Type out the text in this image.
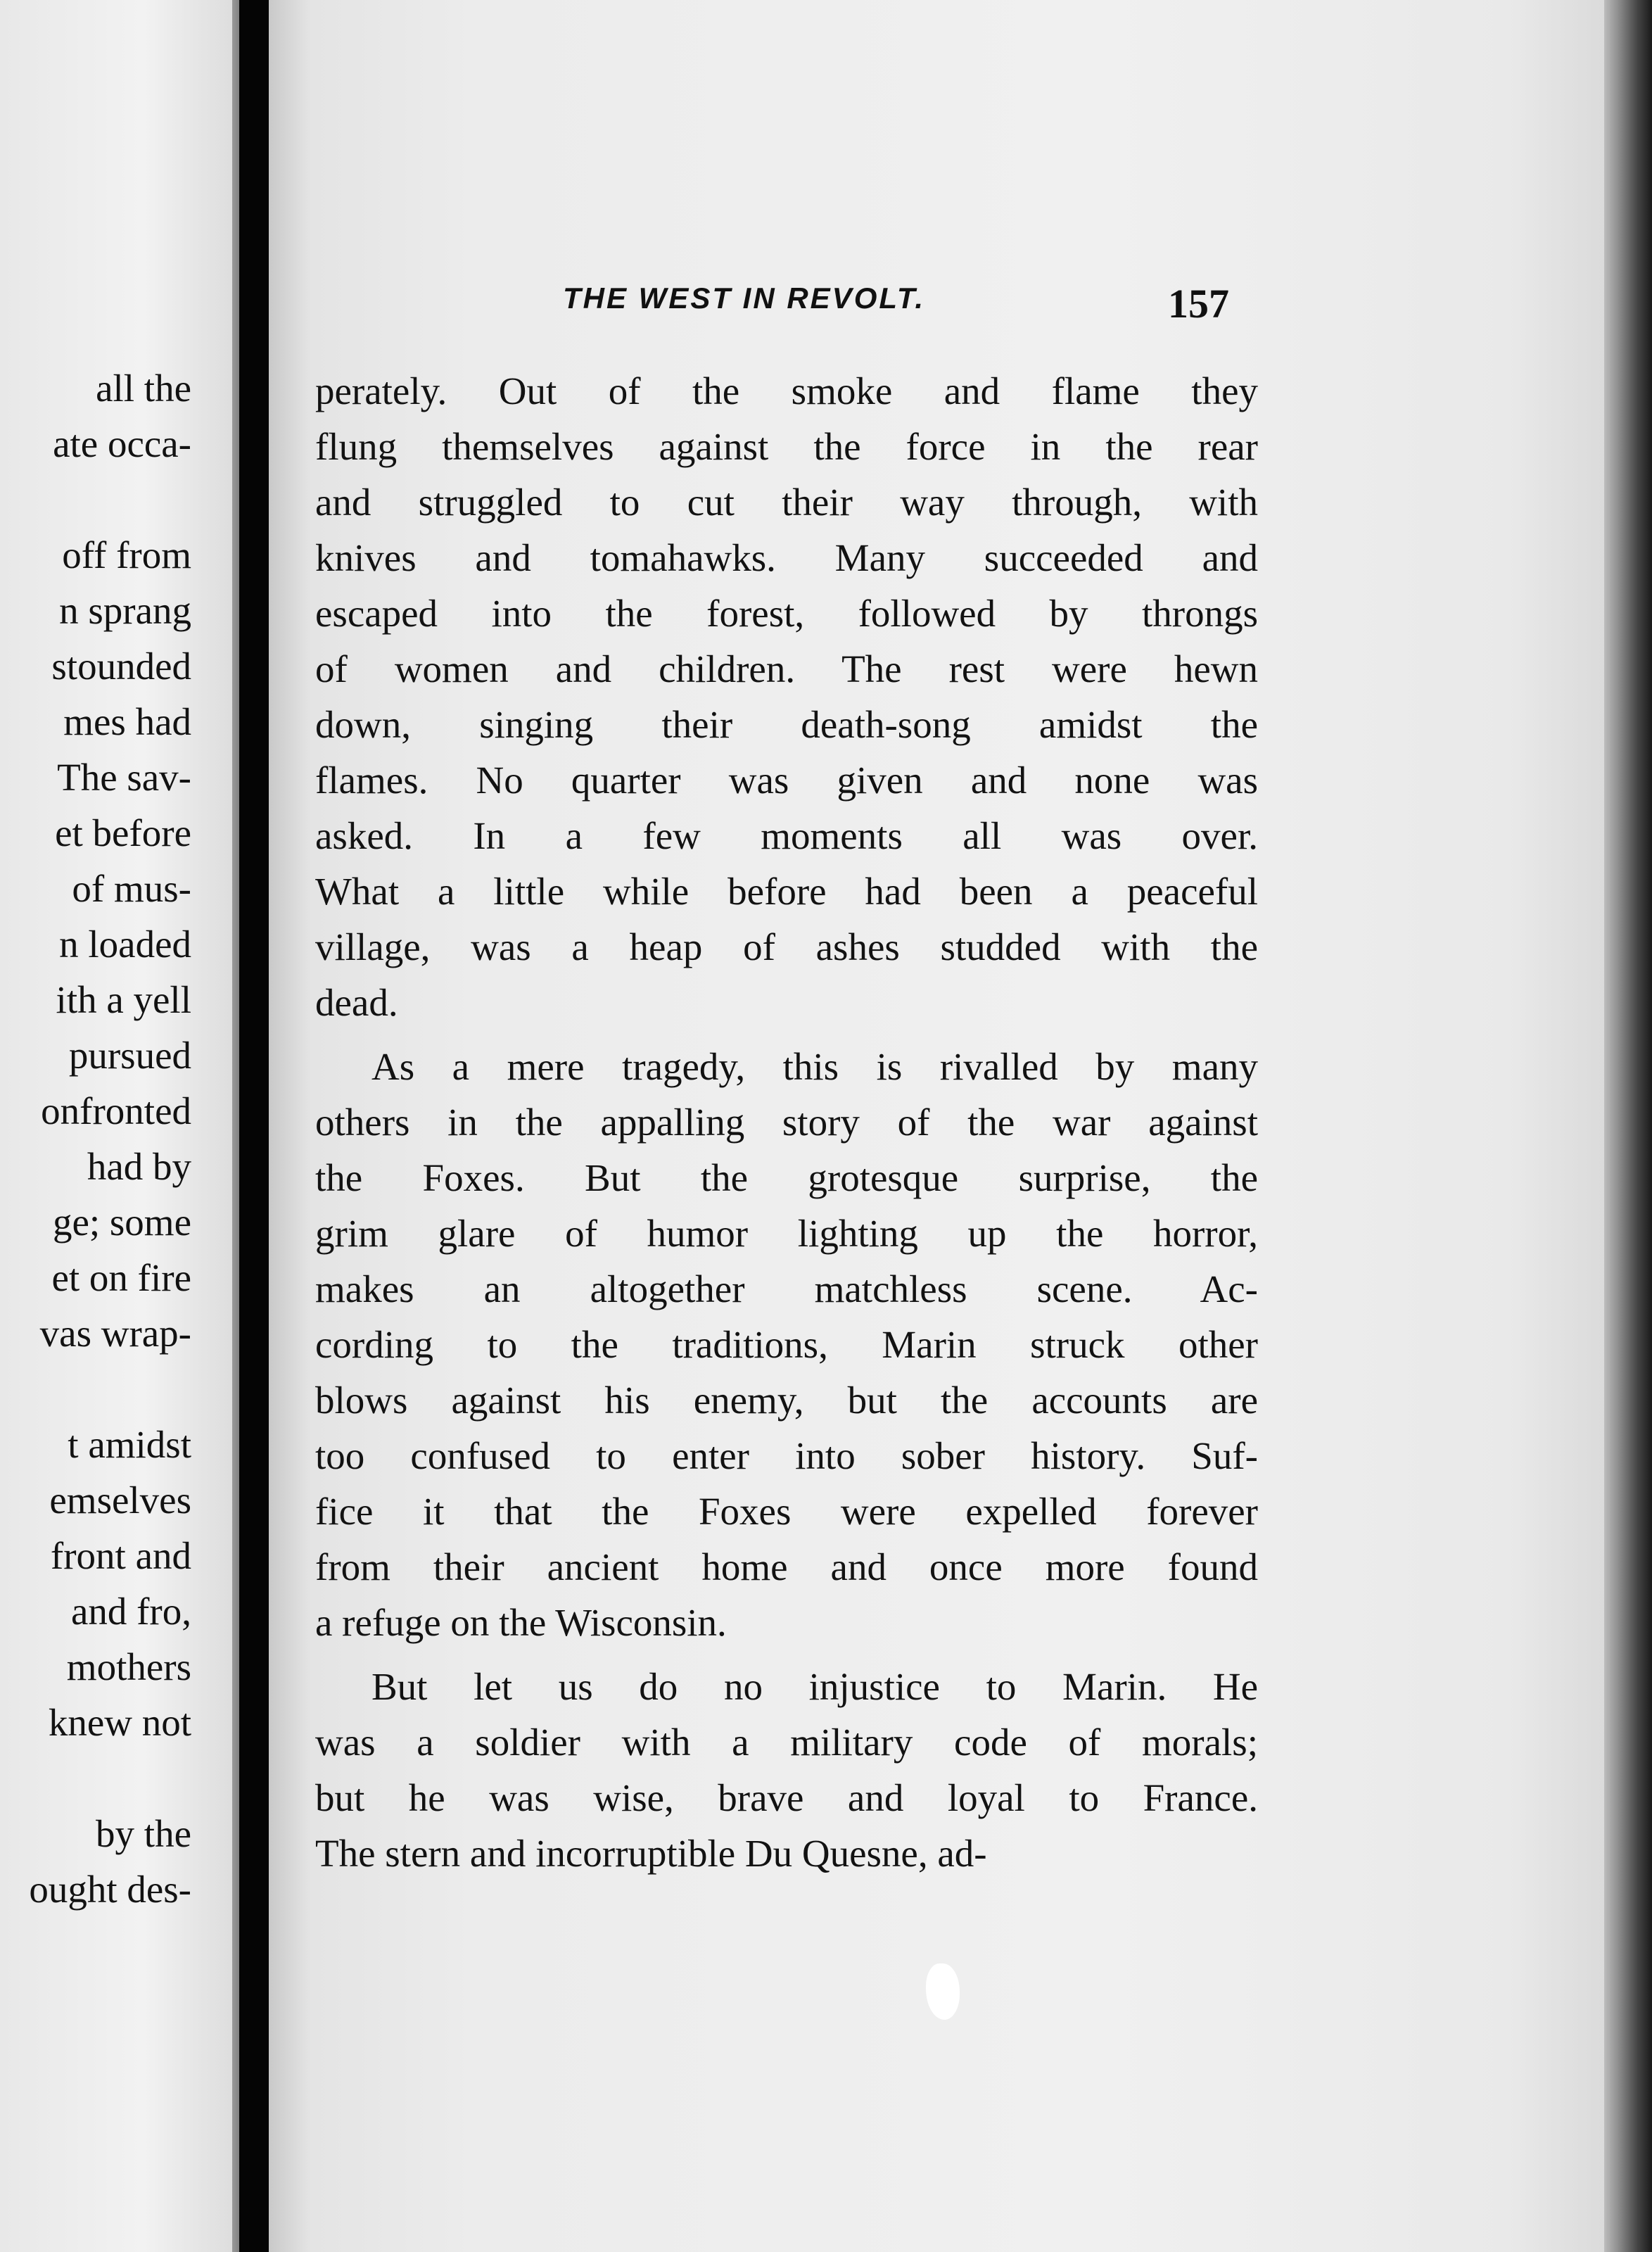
all the
ate occa-
off from
n sprang
stounded
mes had
The sav-
et before
of mus-
n loaded
ith a yell
pursued
onfronted
had by
ge; some
et on fire
vas wrap-
t amidst
emselves
front and
and fro,
mothers
knew not
by the
ought des-
THE WEST IN REVOLT.	157
perately. Out of the smoke and flame they
flung themselves against the force in the rear
and struggled to cut their way through, with
knives and tomahawks. Many succeeded and
escaped into the forest, followed by throngs
of women and children. The rest were hewn
down, singing their death-song amidst the
flames. No quarter was given and none was
asked. In a few moments all was over.
What a little while before had been a peaceful
village, was a heap of ashes studded with the
dead.
As a mere tragedy, this is rivalled by many
others in the appalling story of the war against
the Foxes. But the grotesque surprise, the
grim glare of humor lighting up the horror,
makes an altogether matchless scene. Ac-
cording to the traditions, Marin struck other
blows against his enemy, but the accounts are
too confused to enter into sober history. Suf-
fice it that the Foxes were expelled forever
from their ancient home and once more found
a refuge on the Wisconsin.
But let us do no injustice to Marin. He
was a soldier with a military code of morals;
but he was wise, brave and loyal to France.
The stern and incorruptible Du Quesne, ad-
